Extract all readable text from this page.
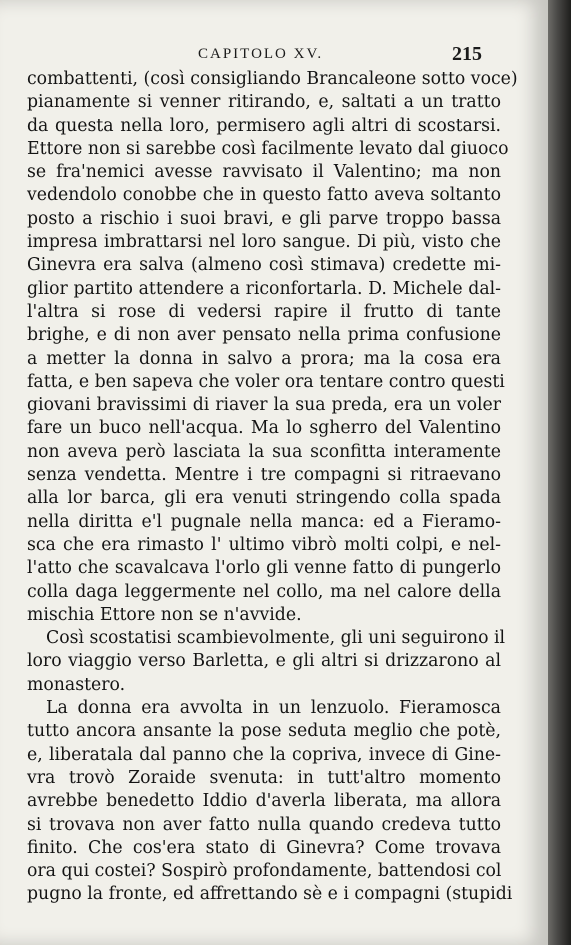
CAPITOLO XV.	215
combattenti, (così consigliando Brancaleone sotto voce)
pianamente si venner ritirando, e, saltati a un tratto
da questa nella loro, permisero agli altri di scostarsi.
Ettore non si sarebbe così facilmente levato dal giuoco
se fra'nemici avesse ravvisato il Valentino; ma non
vedendolo conobbe che in questo fatto aveva soltanto
posto a rischio i suoi bravi, e gli parve troppo bassa
impresa imbrattarsi nel loro sangue. Di più, visto che
Ginevra era salva (almeno così stimava) credette mi-
glior partito attendere a riconfortarla. D. Michele dal-
l'altra si rose di vedersi rapire il frutto di tante
brighe, e di non aver pensato nella prima confusione
a metter la donna in salvo a prora; ma la cosa era
fatta, e ben sapeva che voler ora tentare contro questi
giovani bravissimi di riaver la sua preda, era un voler
fare un buco nell'acqua. Ma lo sgherro del Valentino
non aveva però lasciata la sua sconfitta interamente
senza vendetta. Mentre i tre compagni si ritraevano
alla lor barca, gli era venuti stringendo colla spada
nella diritta e'l pugnale nella manca: ed a Fieramo-
sca che era rimasto l' ultimo vibrò molti colpi, e nel-
l'atto che scavalcava l'orlo gli venne fatto di pungerlo
colla daga leggermente nel collo, ma nel calore della
mischia Ettore non se n'avvide.
Così scostatisi scambievolmente, gli uni seguirono il
loro viaggio verso Barletta, e gli altri si drizzarono al
monastero.
La donna era avvolta in un lenzuolo. Fieramosca
tutto ancora ansante la pose seduta meglio che potè,
e, liberatala dal panno che la copriva, invece di Gine-
vra trovò Zoraide svenuta: in tutt'altro momento
avrebbe benedetto Iddio d'averla liberata, ma allora
si trovava non aver fatto nulla quando credeva tutto
finito. Che cos'era stato di Ginevra? Come trovava
ora qui costei? Sospirò profondamente, battendosi col
pugno la fronte, ed affrettando sè e i compagni (stupidi
